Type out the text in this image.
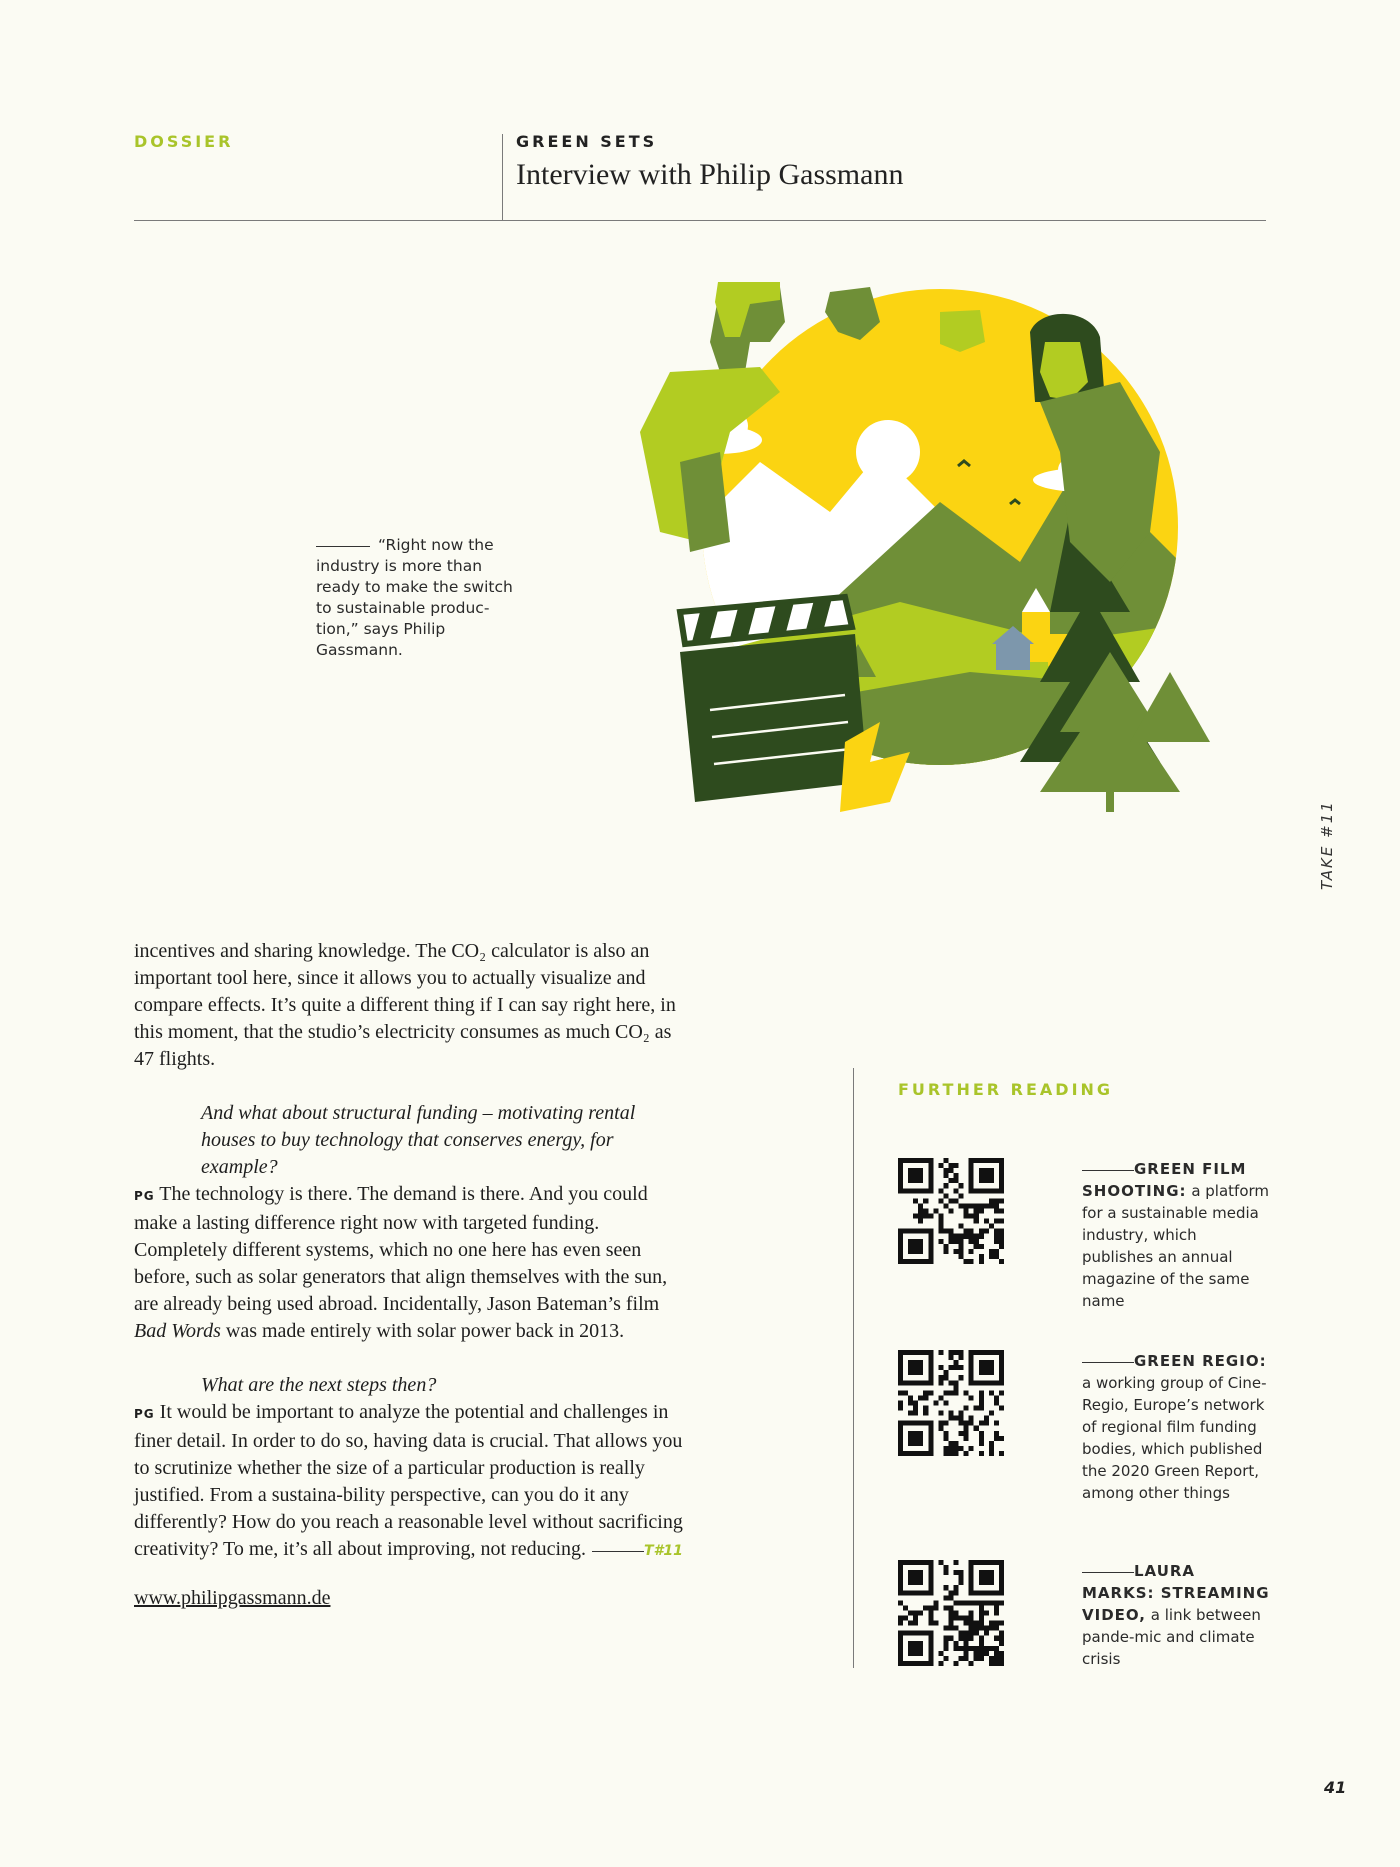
DOSSIER	GREEN SETS
Interview with Philip Gassmann
“Right now the industry is more than ready to make the switch to sustainable produc-tion,” says Philip Gassmann.

incentives and sharing knowledge. The CO₂ calculator is also an important tool here, since it allows you to actually visualize and compare effects. It’s quite a different thing if I can say right here, in this moment, that the studio’s electricity consumes as much CO₂ as 47 flights.

And what about structural funding – motivating rental houses to buy technology that conserves energy, for example?

PG The technology is there. The demand is there. And you could make a lasting difference right now with targeted funding. Completely different systems, which no one here has even seen before, such as solar generators that align themselves with the sun, are already being used abroad. Incidentally, Jason Bateman’s film Bad Words was made entirely with solar power back in 2013.

What are the next steps then?

PG It would be important to analyze the potential and challenges in finer detail. In order to do so, having data is crucial. That allows you to scrutinize whether the size of a particular production is really justified. From a sustaina-bility perspective, can you do it any differently? How do you reach a reasonable level without sacrificing creativity? To me, it’s all about improving, not reducing.	T#11

www.philipgassmann.de
TAKE #11
FURTHER READING
GREEN FILM SHOOTING: a platform for a sustainable media industry, which publishes an annual magazine of the same name
GREEN REGIO: a working group of Cine-Regio, Europe’s network of regional film funding bodies, which published the 2020 Green Report, among other things
LAURA MARKS: STREAMING VIDEO, a link between pande-mic and climate crisis
41
